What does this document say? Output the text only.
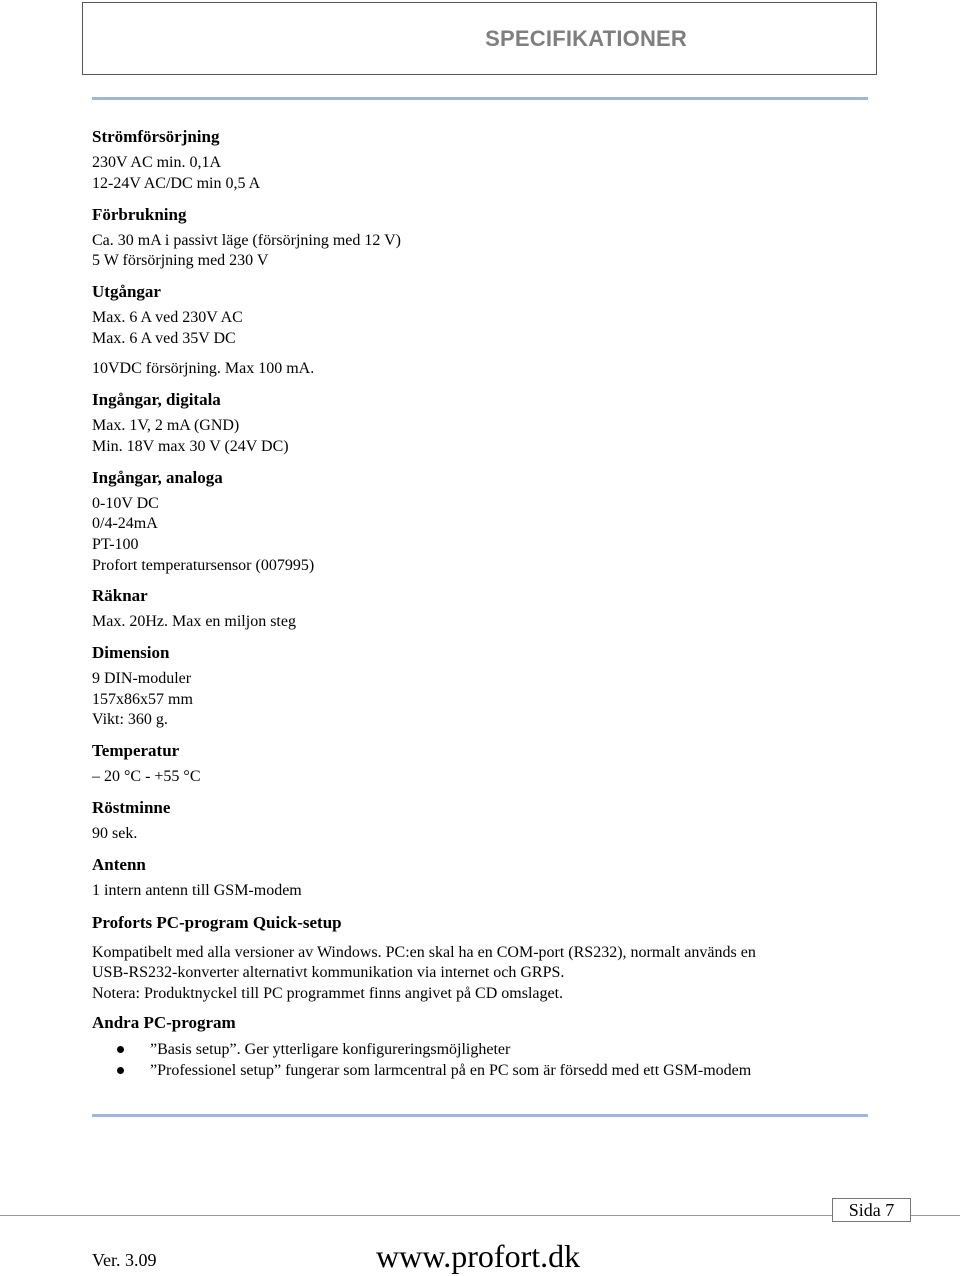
SPECIFIKATIONER
Strömförsörjning
230V AC min. 0,1A
12-24V AC/DC min 0,5 A
Förbrukning
Ca. 30 mA i passivt läge (försörjning med 12 V)
5 W försörjning med 230 V
Utgångar
Max. 6 A ved 230V AC
Max. 6 A ved 35V DC
10VDC försörjning. Max 100 mA.
Ingångar, digitala
Max. 1V, 2 mA (GND)
Min. 18V max 30 V (24V DC)
Ingångar, analoga
0-10V DC
0/4-24mA
PT-100
Profort temperatursensor (007995)
Räknar
Max. 20Hz. Max en miljon steg
Dimension
9 DIN-moduler
157x86x57 mm
Vikt: 360 g.
Temperatur
– 20 °C - +55 °C
Röstminne
90 sek.
Antenn
1 intern antenn till GSM-modem
Proforts PC-program Quick-setup
Kompatibelt med alla versioner av Windows. PC:en skal ha en COM-port (RS232), normalt används en
USB-RS232-konverter alternativt kommunikation via internet och GRPS.
Notera: Produktnyckel till PC programmet finns angivet på CD omslaget.
Andra PC-program
”Basis setup”. Ger ytterligare konfigureringsmöjligheter
”Professionel setup” fungerar som larmcentral på en PC som är försedd med ett GSM-modem
Sida 7
Ver. 3.09	www.profort.dk
